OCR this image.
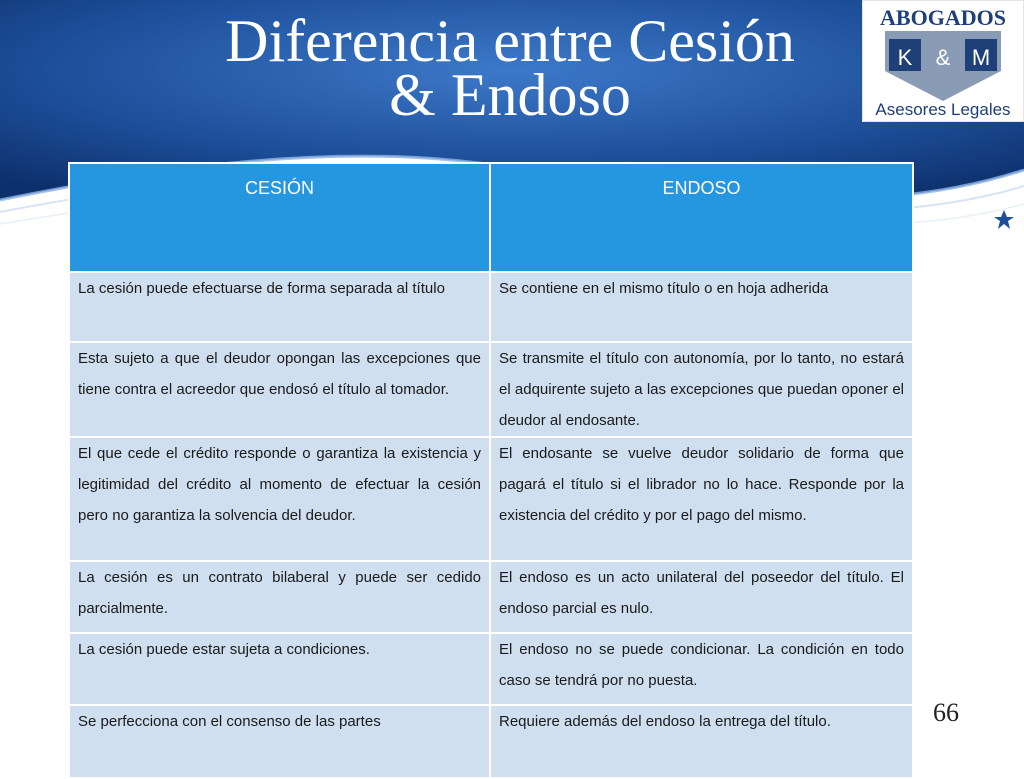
Diferencia entre Cesión
& Endoso
ABOGADOS
K & M
Asesores Legales
CESIÓN	ENDOSO
La cesión puede efectuarse de forma separada al título	Se contiene en el mismo título o en hoja adherida
Esta sujeto a que el deudor opongan las excepciones que tiene contra el acreedor que endosó el título al tomador.	Se transmite el título con autonomía, por lo tanto, no estará el adquirente sujeto a las excepciones que puedan oponer el deudor al endosante.
El que cede el crédito responde o garantiza la existencia y legitimidad del crédito al momento de efectuar la cesión pero no garantiza la solvencia del deudor.	El endosante se vuelve deudor solidario de forma que pagará el título si el librador no lo hace. Responde por la existencia del crédito y por el pago del mismo.
La cesión es un contrato bilaberal y puede ser cedido parcialmente.	El endoso es un acto unilateral del poseedor del título. El endoso parcial es nulo.
La cesión puede estar sujeta a condiciones.	El endoso no se puede condicionar. La condición en todo caso se tendrá por no puesta.
Se perfecciona con el consenso de las partes	Requiere además del endoso la entrega del título.	66
